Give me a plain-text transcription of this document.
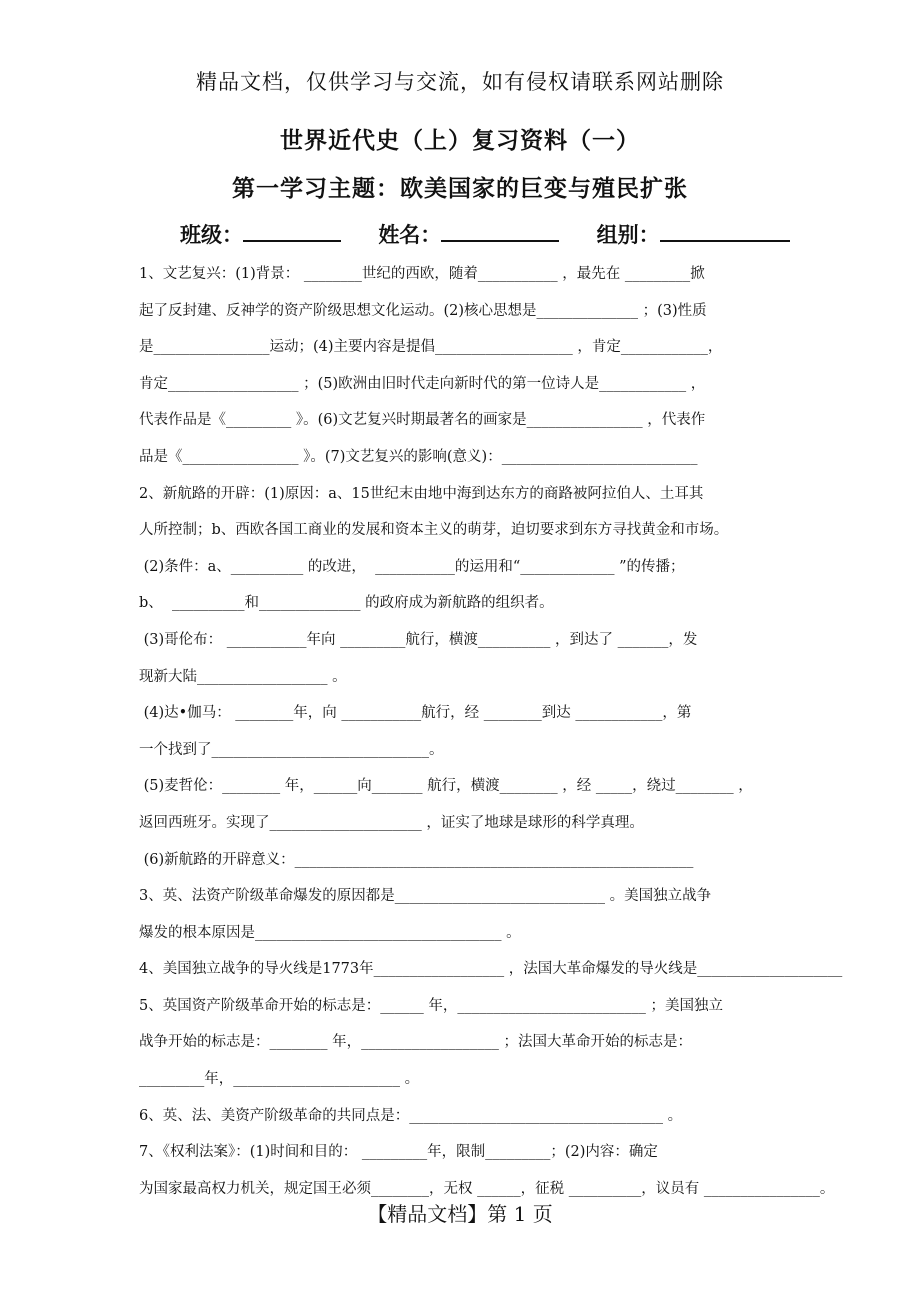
精品文档，仅供学习与交流，如有侵权请联系网站删除
世界近代史（上）复习资料（一）
第一学习主题：欧美国家的巨变与殖民扩张
班级：	姓名：	组别：
1、文艺复兴：(1)背景： ________世纪的西欧，随着___________ ，最先在 _________掀
起了反封建、反神学的资产阶级思想文化运动。(2)核心思想是______________ ；(3)性质
是________________运动；(4)主要内容是提倡___________________ ，肯定____________，
肯定__________________ ；(5)欧洲由旧时代走向新时代的第一位诗人是____________ ，
代表作品是《_________ 》。(6)文艺复兴时期最著名的画家是________________ ，代表作
品是《________________ 》。(7)文艺复兴的影响(意义)：___________________________
2、新航路的开辟：(1)原因：a、15世纪末由地中海到达东方的商路被阿拉伯人、土耳其
人所控制；b、西欧各国工商业的发展和资本主义的萌芽，迫切要求到东方寻找黄金和市场。
(2)条件：a、__________ 的改进，  ___________的运用和“_____________ ”的传播；
b、  __________和______________ 的政府成为新航路的组织者。
(3)哥伦布： ___________年向 _________航行，横渡__________ ，到达了 _______，发
现新大陆__________________ 。
(4)达•伽马： ________年，向 ___________航行，经 ________到达 ____________，第
一个找到了______________________________。
(5)麦哲伦：________ 年，______向_______ 航行，横渡________ ，经 _____，绕过________ ，
返回西班牙。实现了_____________________ ，证实了地球是球形的科学真理。
(6)新航路的开辟意义：_______________________________________________________
3、英、法资产阶级革命爆发的原因都是_____________________________ 。美国独立战争
爆发的根本原因是__________________________________ 。
4、美国独立战争的导火线是1773年__________________ ，法国大革命爆发的导火线是____________________
5、英国资产阶级革命开始的标志是：______ 年，__________________________ ；美国独立
战争开始的标志是：________ 年，___________________ ；法国大革命开始的标志是：
_________年，_______________________ 。
6、英、法、美资产阶级革命的共同点是：___________________________________ 。
7、《权利法案》：(1)时间和目的： _________年，限制_________；(2)内容：确定
为国家最高权力机关，规定国王必须________，无权 ______，征税 __________，议员有 ________________。
【精品文档】第 1 页
